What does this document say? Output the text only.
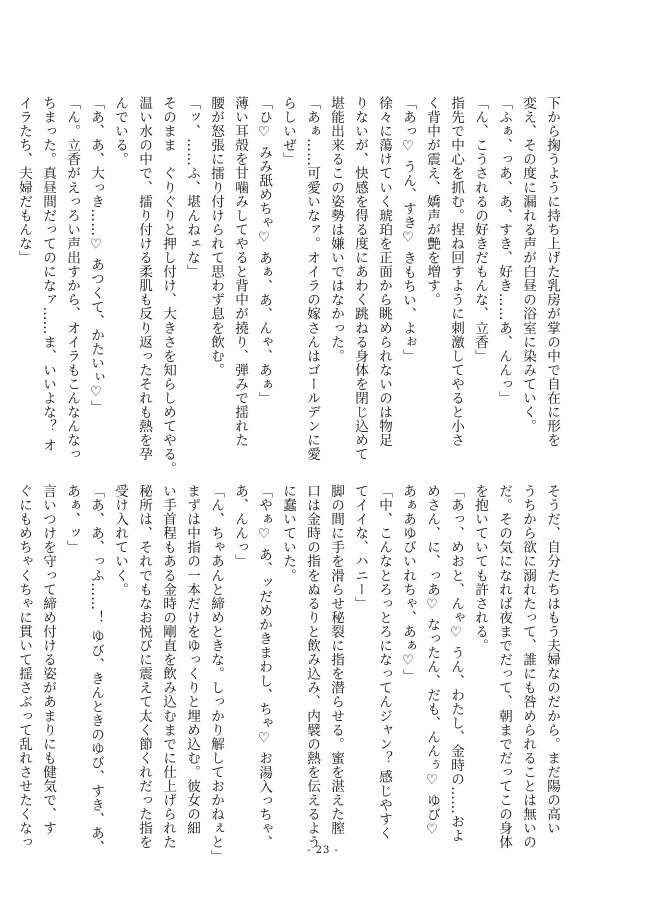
下から掬うように持ち上げた乳房が掌の中で自在に形を
変え、その度に漏れる声が白昼の浴室に染みていく。
「ふぁ、っあ、あ、すき、好き……あ、んんっ」
「ん、こうされるの好きだもんな、立香」
指先で中心を抓む。捏ね回すように刺激してやると小さ
く背中が震え、嬌声が艶を増す。
「あっ♡ うん、すき♡ きもちい、よぉ」
徐々に蕩けていく琥珀を正面から眺められないのは物足
りないが、快感を得る度にあわく跳ねる身体を閉じ込めて
堪能出来るこの姿勢は嫌いではなかった。
「あぁ……可愛いなァ。オイラの嫁さんはゴールデンに愛
らしいぜ」
「ひ♡ みみ舐めちゃ♡ あぁ、あ、んゃ、あぁ」
薄い耳殻を甘噛みしてやると背中が撓り、弾みで揺れた
腰が怒張に擂り付けられて思わず息を飲む。
「ッ、……ふ、堪んねェな」
そのまま　ぐりぐりと押し付け、大きさを知らしめてやる。
温い水の中で、擂り付ける柔肌も反り返ったそれも熱を孕
んでいる。
「あ、あ、大っき……♡ あつくて、かたいぃ♡」
「ん。立香がえっろい声出すから、オイラもこんなんなっ
ちまった。真昼間だってのになァ……ま、いいよな？ オ
イラたち、夫婦だもんな」
そうだ、自分たちはもう夫婦なのだから。まだ陽の高い
うちから欲に溺れたって、誰にも咎められることは無いの
だ。その気になれば夜までだって、朝までだってこの身体
を抱いていても許される。
「あっ、めおと、んゃ♡ うん、わたし、金時の……およ
めさん、に、っあ♡ なったん、だも、んんぅ♡ ゆび♡
あぁあゆびいれちゃ、あぁ♡」
「中、こんなとろっとろになってんジャン？ 感じやすく
てイイな、ハニー」
脚の間に手を滑らせ秘裂に指を潜らせる。蜜を湛えた膣
口は金時の指をぬるりと飲み込み、内襞の熱を伝えるよう
に蠢いていた。
「やぁ♡ あ、ッだめかきまわし、ちゃ♡ お湯入っちゃ、
あ、んんっ」
「ん、ちゃあんと締めときな。しっかり解しておかねぇと」
まずは中指の一本だけをゆっくりと埋め込む。彼女の細
い手首程もある金時の剛直を飲み込むまでに仕上げられた
秘所は、それでもなお悦びに震えて太く節くれだった指を
受け入れていく。
「あ、あ、っふ……！ ゆび、きんときのゆび、すき、あ、
あぁ、ッ」
言いつけを守って締め付ける姿があまりにも健気で、す
ぐにもめちゃくちゃに貫いて揺さぶって乱れさせたくなっ
- 23 -
